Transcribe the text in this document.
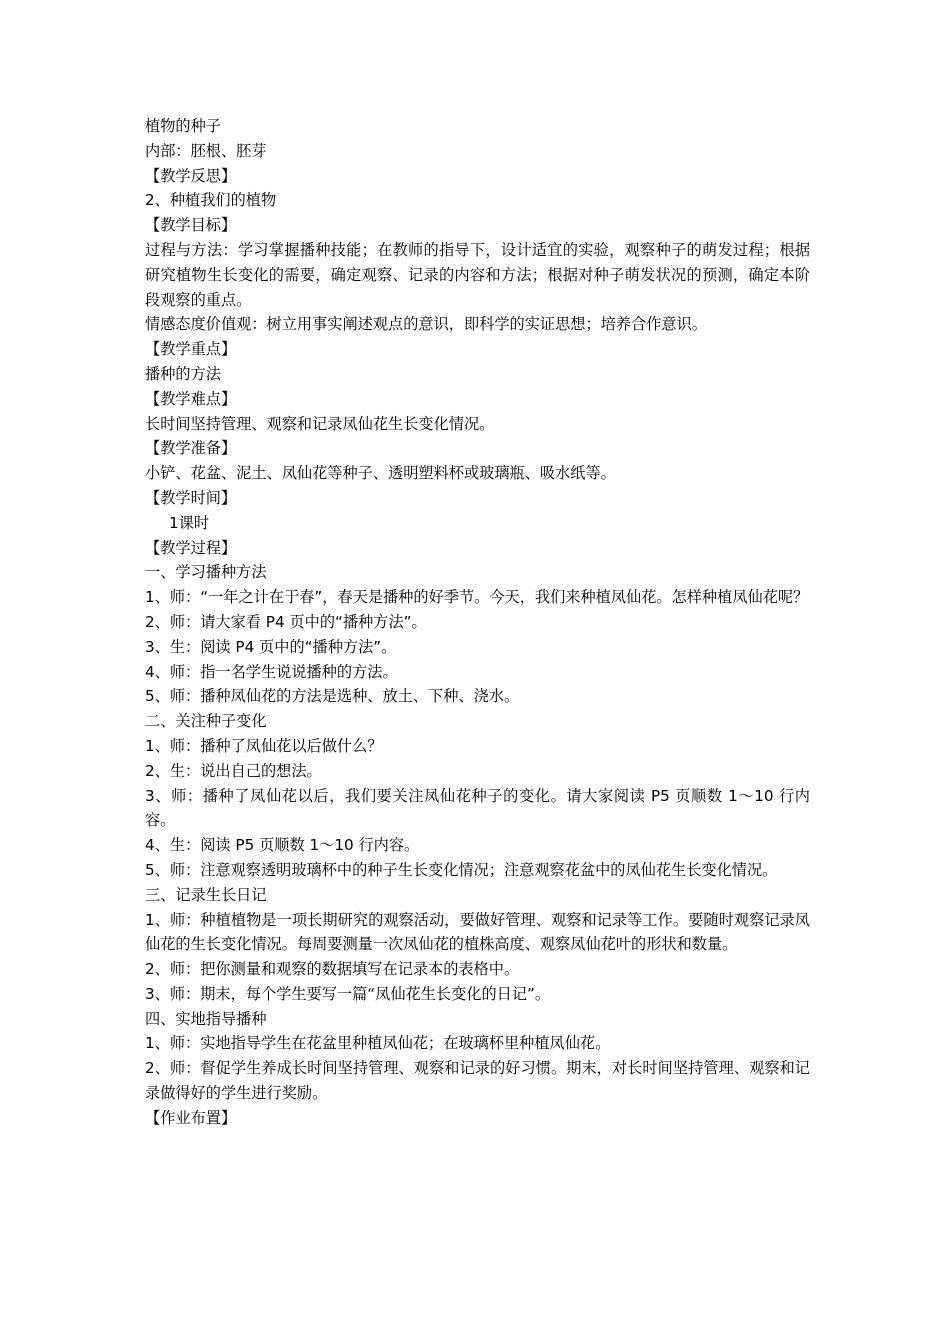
植物的种子

内部：胚根、胚芽

【教学反思】

2、种植我们的植物

【教学目标】

过程与方法：学习掌握播种技能；在教师的指导下，设计适宜的实验，观察种子的萌发过程；根据研究植物生长变化的需要，确定观察、记录的内容和方法；根据对种子萌发状况的预测，确定本阶段观察的重点。

情感态度价值观：树立用事实阐述观点的意识，即科学的实证思想；培养合作意识。

【教学重点】

播种的方法

【教学难点】

长时间坚持管理、观察和记录凤仙花生长变化情况。

【教学准备】

小铲、花盆、泥土、凤仙花等种子、透明塑料杯或玻璃瓶、吸水纸等。

【教学时间】

1课时

【教学过程】

一、学习播种方法

1、师：“一年之计在于春”，春天是播种的好季节。今天，我们来种植凤仙花。怎样种植凤仙花呢？

2、师：请大家看 P4 页中的“播种方法”。

3、生：阅读 P4 页中的“播种方法”。

4、师：指一名学生说说播种的方法。

5、师：播种凤仙花的方法是选种、放土、下种、浇水。

二、关注种子变化

1、师：播种了凤仙花以后做什么？

2、生：说出自己的想法。

3、师：播种了凤仙花以后，我们要关注凤仙花种子的变化。请大家阅读 P5 页顺数 1～10 行内容。

4、生：阅读 P5 页顺数 1～10 行内容。

5、师：注意观察透明玻璃杯中的种子生长变化情况；注意观察花盆中的凤仙花生长变化情况。

三、记录生长日记

1、师：种植植物是一项长期研究的观察活动，要做好管理、观察和记录等工作。要随时观察记录凤仙花的生长变化情况。每周要测量一次凤仙花的植株高度、观察凤仙花叶的形状和数量。

2、师：把你测量和观察的数据填写在记录本的表格中。

3、师：期末，每个学生要写一篇“凤仙花生长变化的日记”。

四、实地指导播种

1、师：实地指导学生在花盆里种植凤仙花；在玻璃杯里种植凤仙花。

2、师：督促学生养成长时间坚持管理、观察和记录的好习惯。期末，对长时间坚持管理、观察和记录做得好的学生进行奖励。

【作业布置】
